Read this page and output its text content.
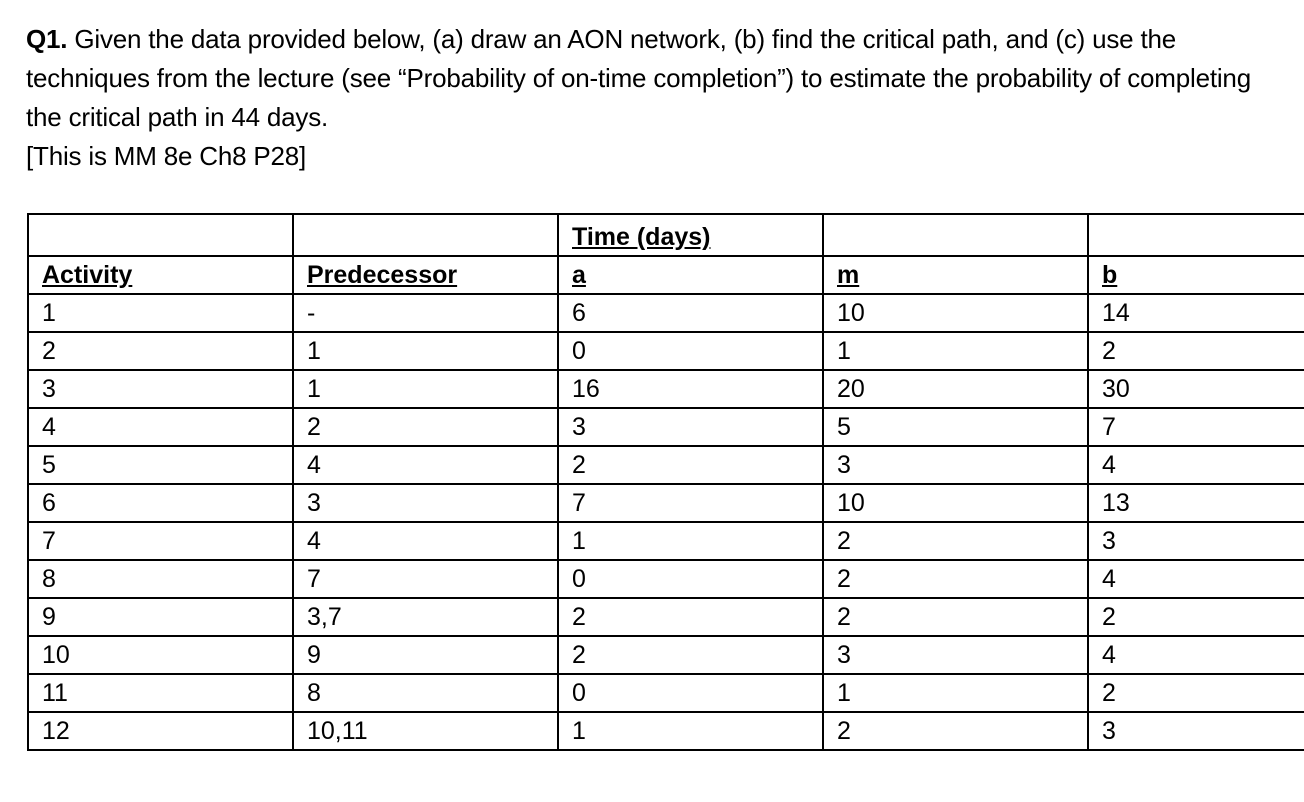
Q1. Given the data provided below, (a) draw an AON network, (b) find the critical path, and (c) use the techniques from the lecture (see “Probability of on-time completion”) to estimate the probability of completing the critical path in 44 days.

[This is MM 8e Ch8 P28]

		Time (days)		
Activity	Predecessor	a	m	b
1	-	6	10	14
2	1	0	1	2
3	1	16	20	30
4	2	3	5	7
5	4	2	3	4
6	3	7	10	13
7	4	1	2	3
8	7	0	2	4
9	3,7	2	2	2
10	9	2	3	4
11	8	0	1	2
12	10,11	1	2	3
